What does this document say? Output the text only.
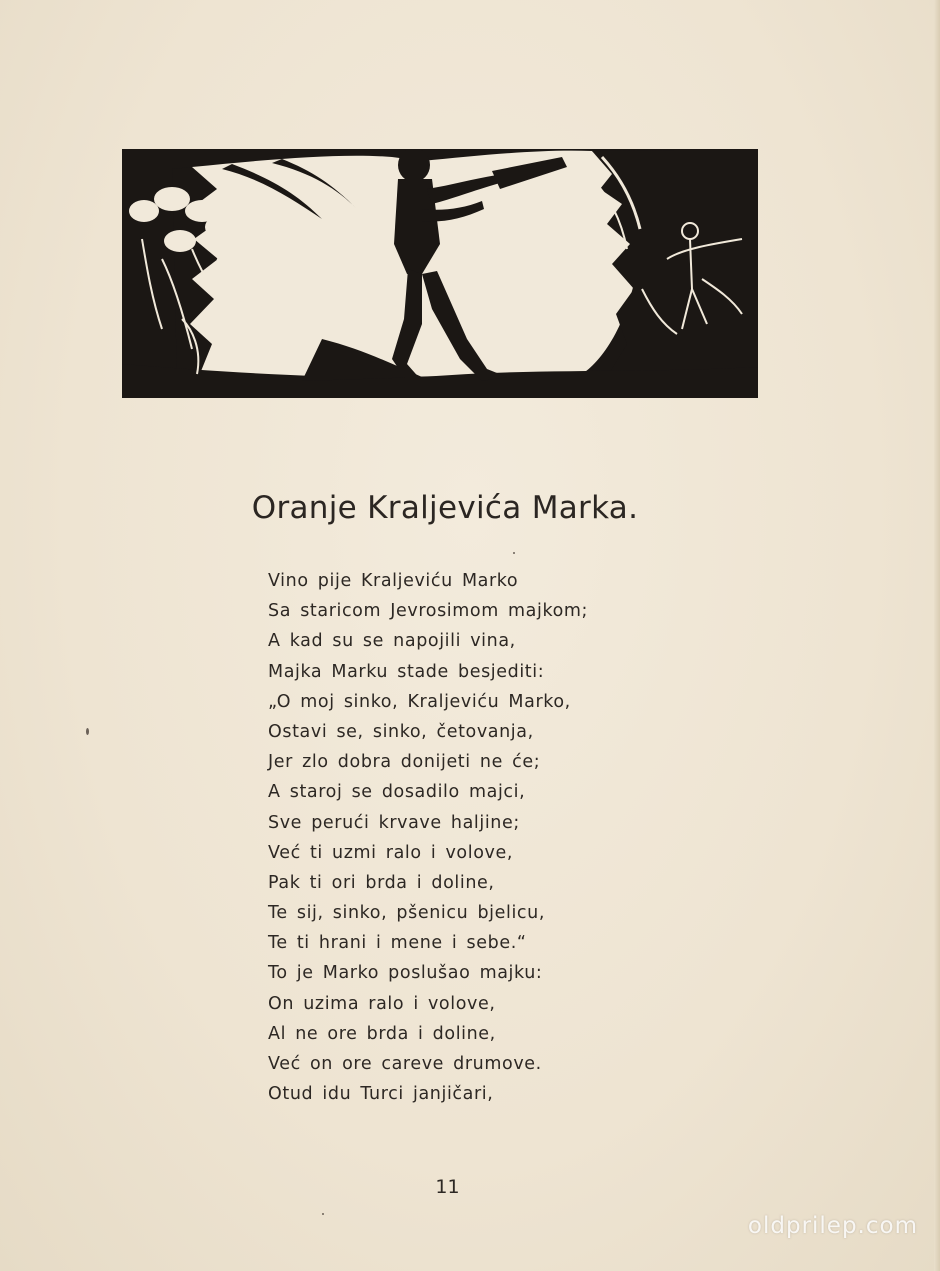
Oranje Kraljevića Marka.
Vino pije Kraljeviću Marko
Sa staricom Jevrosimom majkom;
A kad su se napojili vina,
Majka Marku stade besjediti:
„O moj sinko, Kraljeviću Marko,
Ostavi se, sinko, četovanja,
Jer zlo dobra donijeti ne će;
A staroj se dosadilo majci,
Sve perući krvave haljine;
Već ti uzmi ralo i volove,
Pak ti ori brda i doline,
Te sij, sinko, pšenicu bjelicu,
Te ti hrani i mene i sebe.“
To je Marko poslušao majku:
On uzima ralo i volove,
Al ne ore brda i doline,
Već on ore careve drumove.
Otud idu Turci janjičari,
11
oldprilep.com
